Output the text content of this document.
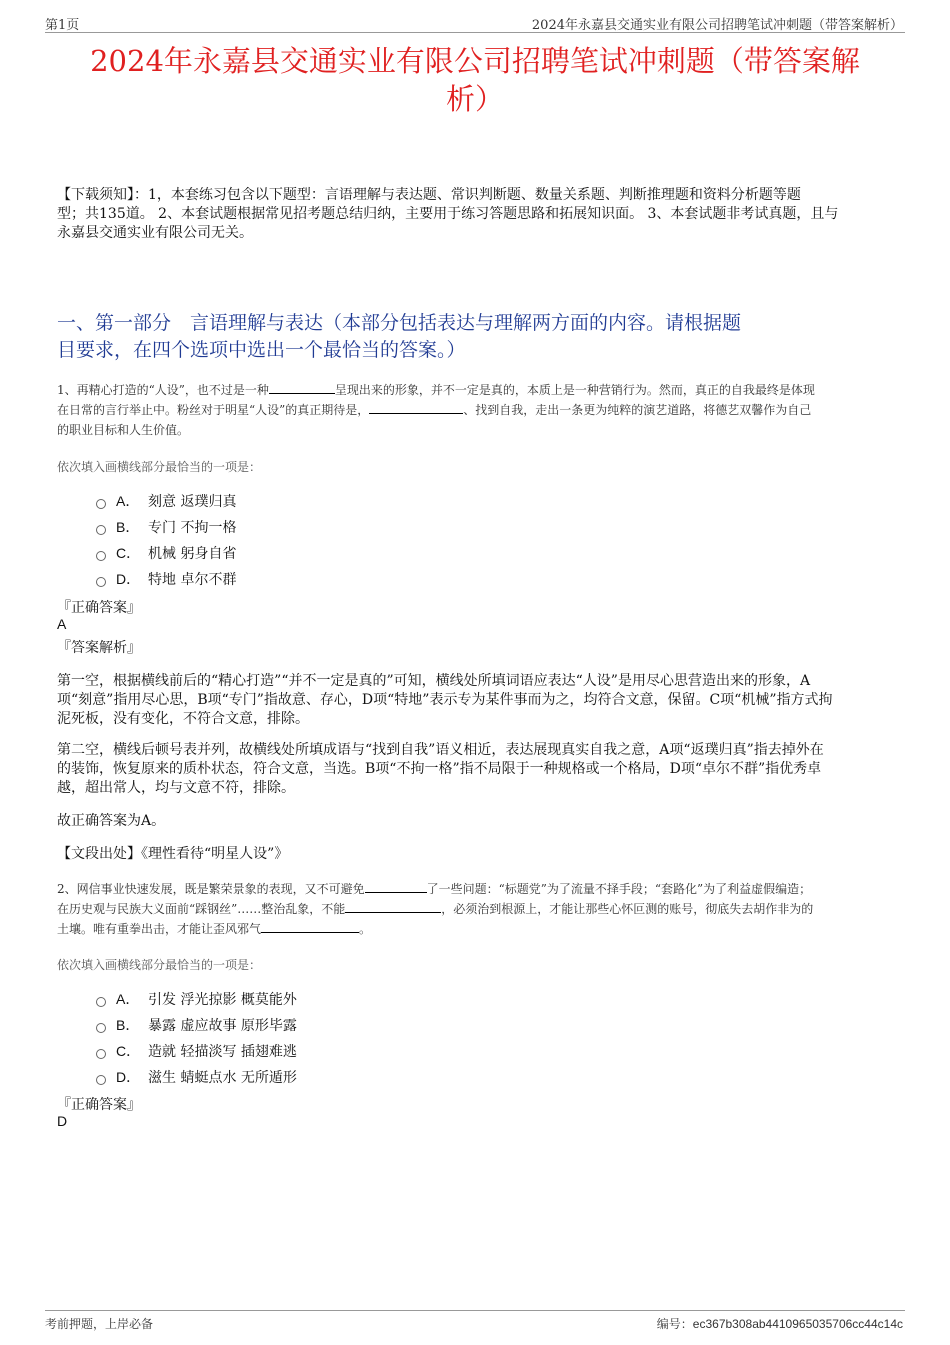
第1页	2024年永嘉县交通实业有限公司招聘笔试冲刺题（带答案解析）
2024年永嘉县交通实业有限公司招聘笔试冲刺题（带答案解
析）
【下载须知】：1，本套练习包含以下题型：言语理解与表达题、常识判断题、数量关系题、判断推理题和资料分析题等题
型；共135道。 2、本套试题根据常见招考题总结归纳，主要用于练习答题思路和拓展知识面。 3、本套试题非考试真题，且与
永嘉县交通实业有限公司无关。
一、第一部分　言语理解与表达（本部分包括表达与理解两方面的内容。请根据题
目要求，在四个选项中选出一个最恰当的答案。）
1、再精心打造的“人设”，也不过是一种	呈现出来的形象，并不一定是真的，本质上是一种营销行为。然而，真正的自我最终是体现
在日常的言行举止中。粉丝对于明星“人设”的真正期待是，	、找到自我，走出一条更为纯粹的演艺道路，将德艺双馨作为自己
的职业目标和人生价值。
依次填入画横线部分最恰当的一项是：
A． 刻意 返璞归真
B． 专门 不拘一格
C． 机械 躬身自省
D． 特地 卓尔不群
『正确答案』
A
『答案解析』
第一空，根据横线前后的“精心打造”“并不一定是真的”可知，横线处所填词语应表达“人设”是用尽心思营造出来的形象，A
项“刻意”指用尽心思，B项“专门”指故意、存心，D项“特地”表示专为某件事而为之，均符合文意，保留。C项“机械”指方式拘
泥死板，没有变化，不符合文意，排除。
第二空，横线后顿号表并列，故横线处所填成语与“找到自我”语义相近，表达展现真实自我之意，A项“返璞归真”指去掉外在
的装饰，恢复原来的质朴状态，符合文意，当选。B项“不拘一格”指不局限于一种规格或一个格局，D项“卓尔不群”指优秀卓
越，超出常人，均与文意不符，排除。
故正确答案为A。
【文段出处】《理性看待“明星人设”》
2、网信事业快速发展，既是繁荣景象的表现，又不可避免	了一些问题：“标题党”为了流量不择手段；“套路化”为了利益虚假编造；
在历史观与民族大义面前“踩钢丝”……整治乱象，不能	，必须治到根源上，才能让那些心怀叵测的账号，彻底失去胡作非为的
土壤。唯有重拳出击，才能让歪风邪气	。
依次填入画横线部分最恰当的一项是：
A． 引发 浮光掠影 概莫能外
B． 暴露 虚应故事 原形毕露
C． 造就 轻描淡写 插翅难逃
D． 滋生 蜻蜓点水 无所遁形
『正确答案』
D
考前押题，上岸必备	编号：ec367b308ab4410965035706cc44c14c
